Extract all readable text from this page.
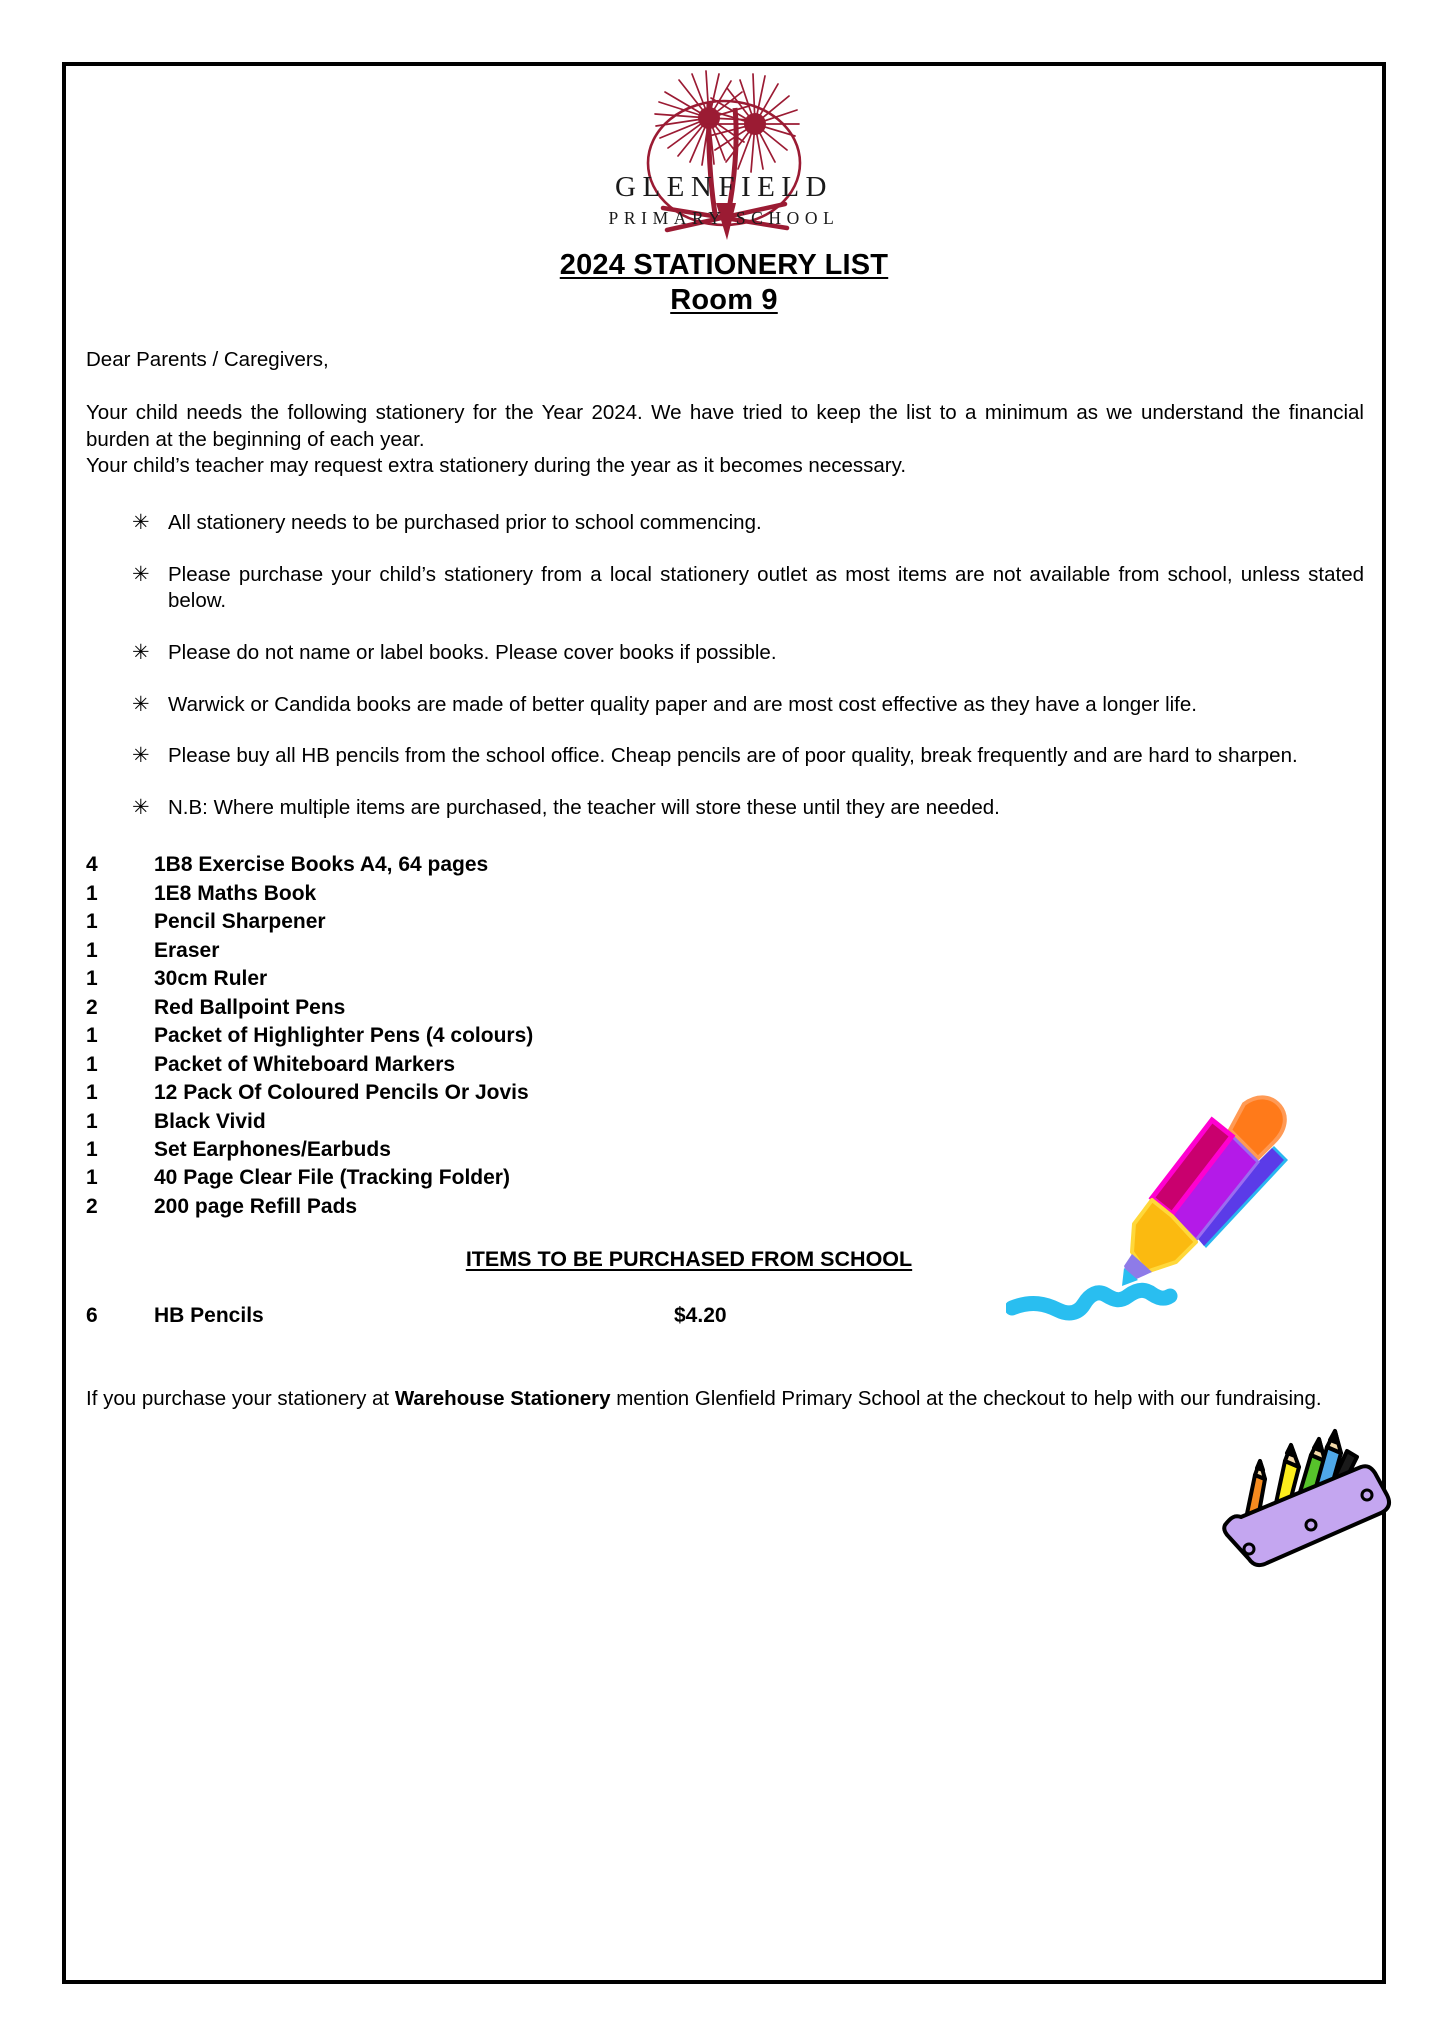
GLENFIELD
PRIMARY SCHOOL
2024 STATIONERY LIST
Room 9
Dear Parents / Caregivers,
Your child needs the following stationery for the Year 2024. We have tried to keep the list to a minimum as we understand the financial burden at the beginning of each year.
Your child’s teacher may request extra stationery during the year as it becomes necessary.
✳ All stationery needs to be purchased prior to school commencing.
✳ Please purchase your child’s stationery from a local stationery outlet as most items are not available from school, unless stated below.
✳ Please do not name or label books. Please cover books if possible.
✳ Warwick or Candida books are made of better quality paper and are most cost effective as they have a longer life.
✳ Please buy all HB pencils from the school office. Cheap pencils are of poor quality, break frequently and are hard to sharpen.
✳ N.B: Where multiple items are purchased, the teacher will store these until they are needed.
4	1B8 Exercise Books A4, 64 pages
1	1E8 Maths Book
1	Pencil Sharpener
1	Eraser
1	30cm Ruler
2	Red Ballpoint Pens
1	Packet of Highlighter Pens (4 colours)
1	Packet of Whiteboard Markers
1	12 Pack Of Coloured Pencils Or Jovis
1	Black Vivid
1	Set Earphones/Earbuds
1	40 Page Clear File (Tracking Folder)
2	200 page Refill Pads
ITEMS TO BE PURCHASED FROM SCHOOL
6	HB Pencils	$4.20
If you purchase your stationery at Warehouse Stationery mention Glenfield Primary School at the checkout to help with our fundraising.
